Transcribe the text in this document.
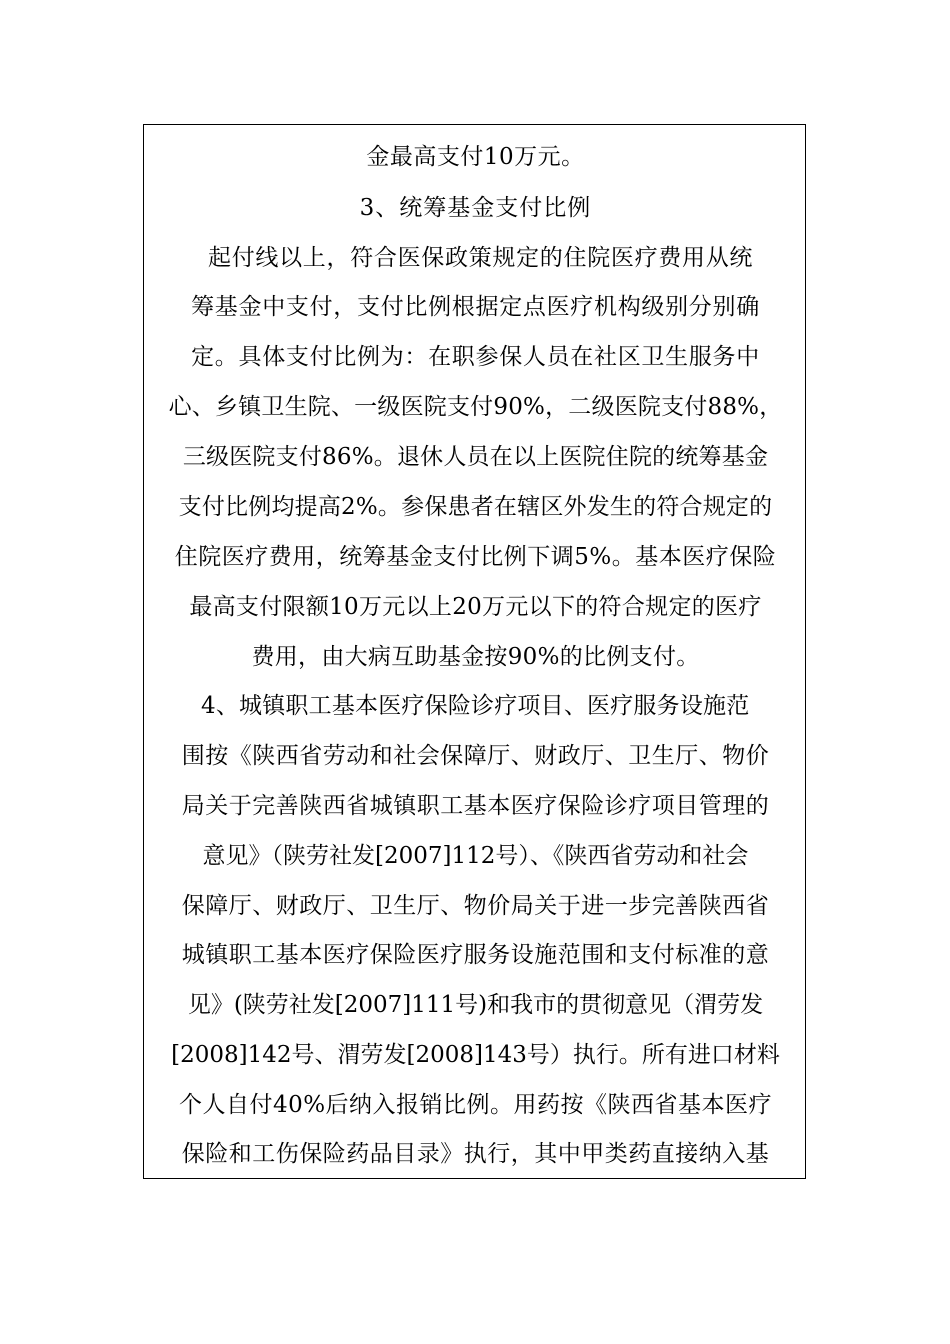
金最高支付10万元。
3、统筹基金支付比例
起付线以上，符合医保政策规定的住院医疗费用从统
筹基金中支付，支付比例根据定点医疗机构级别分别确
定。具体支付比例为：在职参保人员在社区卫生服务中
心、乡镇卫生院、一级医院支付90%，二级医院支付88%，
三级医院支付86%。退休人员在以上医院住院的统筹基金
支付比例均提高2%。参保患者在辖区外发生的符合规定的
住院医疗费用，统筹基金支付比例下调5%。基本医疗保险
最高支付限额10万元以上20万元以下的符合规定的医疗
费用，由大病互助基金按90%的比例支付。
4、城镇职工基本医疗保险诊疗项目、医疗服务设施范
围按《陕西省劳动和社会保障厅、财政厅、卫生厅、物价
局关于完善陕西省城镇职工基本医疗保险诊疗项目管理的
意见》（陕劳社发[2007]112号）、《陕西省劳动和社会
保障厅、财政厅、卫生厅、物价局关于进一步完善陕西省
城镇职工基本医疗保险医疗服务设施范围和支付标准的意
见》(陕劳社发[2007]111号)和我市的贯彻意见（渭劳发
[2008]142号、渭劳发[2008]143号）执行。所有进口材料
个人自付40%后纳入报销比例。用药按《陕西省基本医疗
保险和工伤保险药品目录》执行，其中甲类药直接纳入基
